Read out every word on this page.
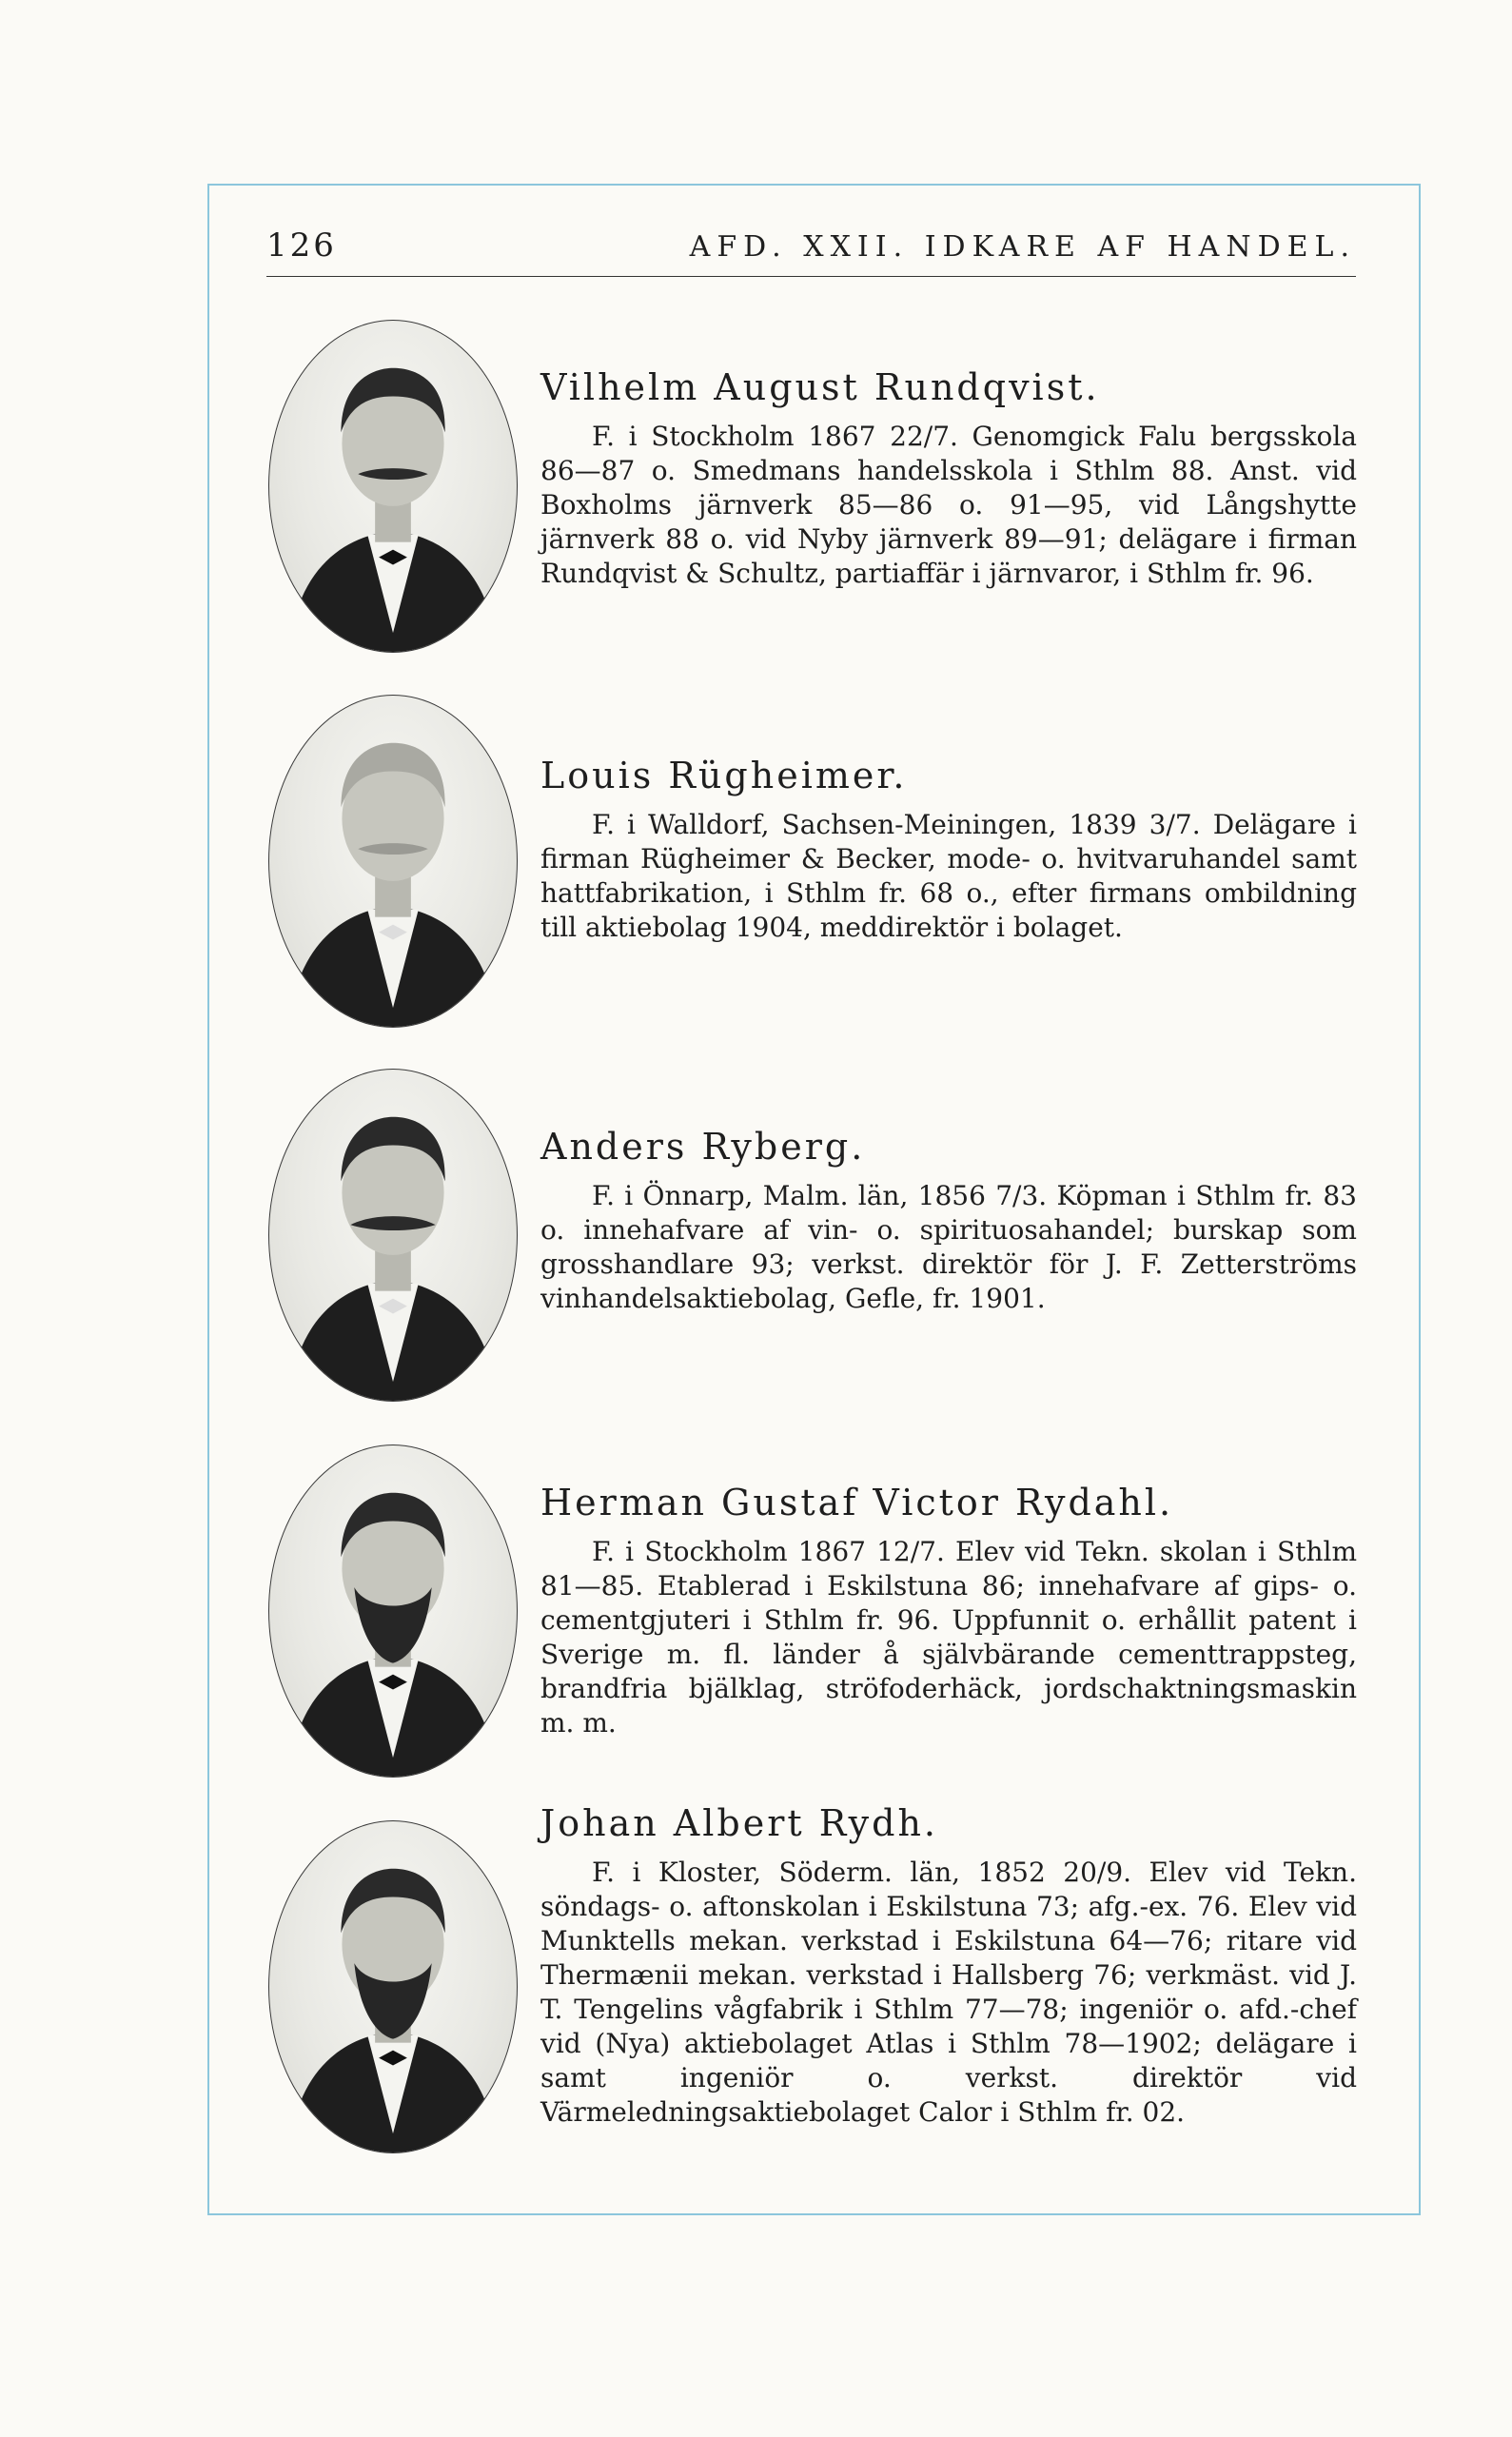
126	AFD. XXII. IDKARE AF HANDEL.
Vilhelm August Rundqvist.

F. i Stockholm 1867 22/7. Genomgick Falu bergsskola 86—87 o. Smedmans handelsskola i Sthlm 88. Anst. vid Boxholms järnverk 85—86 o. 91—95, vid Långshytte järnverk 88 o. vid Nyby järnverk 89—91; delägare i firman Rundqvist & Schultz, partiaffär i järnvaror, i Sthlm fr. 96.

Louis Rügheimer.

F. i Walldorf, Sachsen-Meiningen, 1839 3/7. Delägare i firman Rügheimer & Becker, mode- o. hvitvaruhandel samt hattfabrikation, i Sthlm fr. 68 o., efter firmans ombildning till aktiebolag 1904, meddirektör i bolaget.

Anders Ryberg.

F. i Önnarp, Malm. län, 1856 7/3. Köpman i Sthlm fr. 83 o. innehafvare af vin- o. spirituosahandel; burskap som grosshandlare 93; verkst. direktör för J. F. Zetterströms vinhandelsaktiebolag, Gefle, fr. 1901.

Herman Gustaf Victor Rydahl.

F. i Stockholm 1867 12/7. Elev vid Tekn. skolan i Sthlm 81—85. Etablerad i Eskilstuna 86; innehafvare af gips- o. cementgjuteri i Sthlm fr. 96. Uppfunnit o. erhållit patent i Sverige m. fl. länder å självbärande cementtrappsteg, brandfria bjälklag, ströfoderhäck, jordschaktningsmaskin m. m.

Johan Albert Rydh.

F. i Kloster, Söderm. län, 1852 20/9. Elev vid Tekn. söndags- o. aftonskolan i Eskilstuna 73; afg.-ex. 76. Elev vid Munktells mekan. verkstad i Eskilstuna 64—76; ritare vid Thermænii mekan. verkstad i Hallsberg 76; verkmäst. vid J. T. Tengelins vågfabrik i Sthlm 77—78; ingeniör o. afd.-chef vid (Nya) aktiebolaget Atlas i Sthlm 78—1902; delägare i samt ingeniör o. verkst. direktör vid Värmeledningsaktiebolaget Calor i Sthlm fr. 02.
